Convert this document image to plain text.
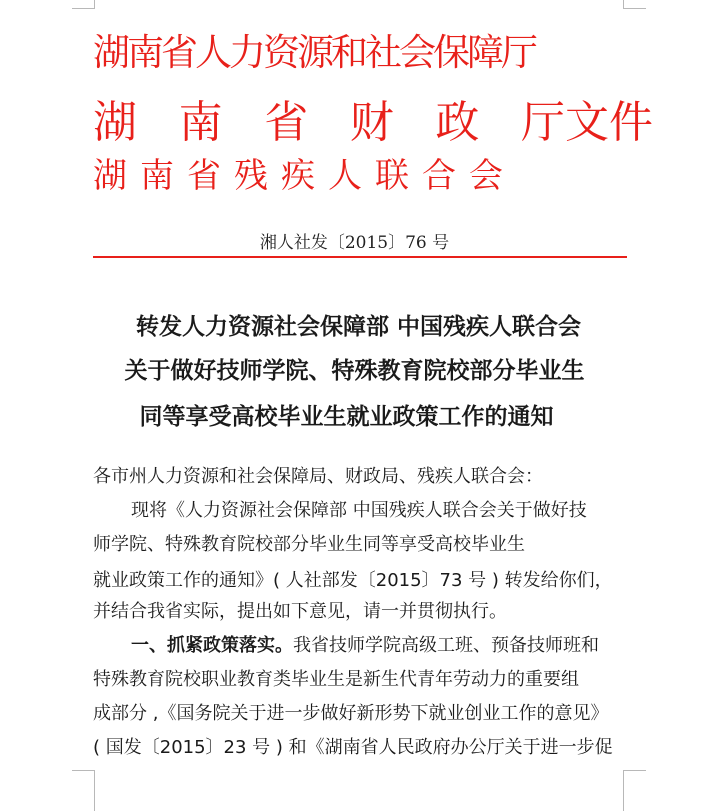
湖南省人力资源和社会保障厅
湖 南 省 财 政 厅文件
湖南省残疾人联合会
湘人社发〔2015〕76 号
转发人力资源社会保障部 中国残疾人联合会
关于做好技师学院、特殊教育院校部分毕业生
同等享受高校毕业生就业政策工作的通知
各市州人力资源和社会保障局、财政局、残疾人联合会：
现将《人力资源社会保障部 中国残疾人联合会关于做好技
师学院、特殊教育院校部分毕业生同等享受高校毕业生
就业政策工作的通知》( 人社部发〔2015〕73 号 ) 转发给你们，
并结合我省实际，提出如下意见，请一并贯彻执行。
一、抓紧政策落实。我省技师学院高级工班、预备技师班和
特殊教育院校职业教育类毕业生是新生代青年劳动力的重要组
成部分 ,《国务院关于进一步做好新形势下就业创业工作的意见》
( 国发〔2015〕23 号 ) 和《湖南省人民政府办公厅关于进一步促
